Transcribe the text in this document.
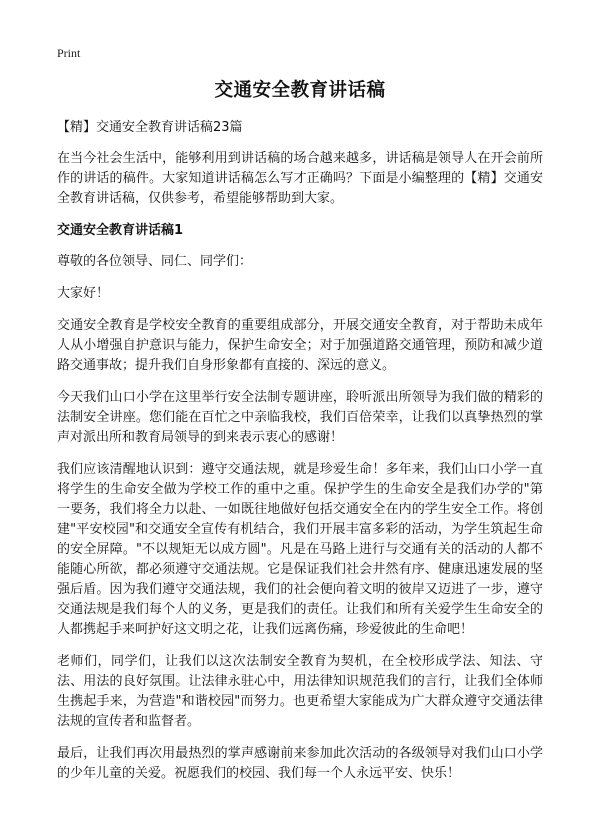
Print
交通安全教育讲话稿
【精】交通安全教育讲话稿23篇

在当今社会生活中，能够利用到讲话稿的场合越来越多，讲话稿是领导人在开会前所作的讲话的稿件。大家知道讲话稿怎么写才正确吗？下面是小编整理的【精】交通安全教育讲话稿，仅供参考，希望能够帮助到大家。

交通安全教育讲话稿1

尊敬的各位领导、同仁、同学们：

大家好！

交通安全教育是学校安全教育的重要组成部分，开展交通安全教育，对于帮助未成年人从小增强自护意识与能力，保护生命安全；对于加强道路交通管理，预防和减少道路交通事故；提升我们自身形象都有直接的、深远的意义。

今天我们山口小学在这里举行安全法制专题讲座，聆听派出所领导为我们做的精彩的法制安全讲座。您们能在百忙之中亲临我校，我们百倍荣幸，让我们以真挚热烈的掌声对派出所和教育局领导的到来表示衷心的感谢！

我们应该清醒地认识到：遵守交通法规，就是珍爱生命！多年来，我们山口小学一直将学生的生命安全做为学校工作的重中之重。保护学生的生命安全是我们办学的"第一要务，我们将全力以赴、一如既往地做好包括交通安全在内的学生安全工作。将创建"平安校园"和交通安全宣传有机结合，我们开展丰富多彩的活动，为学生筑起生命的安全屏障。"不以规矩无以成方圆"。凡是在马路上进行与交通有关的活动的人都不能随心所欲，都必须遵守交通法规。它是保证我们社会井然有序、健康迅速发展的坚强后盾。因为我们遵守交通法规，我们的社会便向着文明的彼岸又迈进了一步，遵守交通法规是我们每个人的义务，更是我们的责任。让我们和所有关爱学生生命安全的人都携起手来呵护好这文明之花，让我们远离伤痛，珍爱彼此的生命吧！

老师们，同学们，让我们以这次法制安全教育为契机，在全校形成学法、知法、守法、用法的良好氛围。让法律永驻心中，用法律知识规范我们的言行，让我们全体师生携起手来，为营造"和谐校园"而努力。也更希望大家能成为广大群众遵守交通法律法规的宣传者和监督者。

最后，让我们再次用最热烈的掌声感谢前来参加此次活动的各级领导对我们山口小学的少年儿童的关爱。祝愿我们的校园、我们每一个人永远平安、快乐！
